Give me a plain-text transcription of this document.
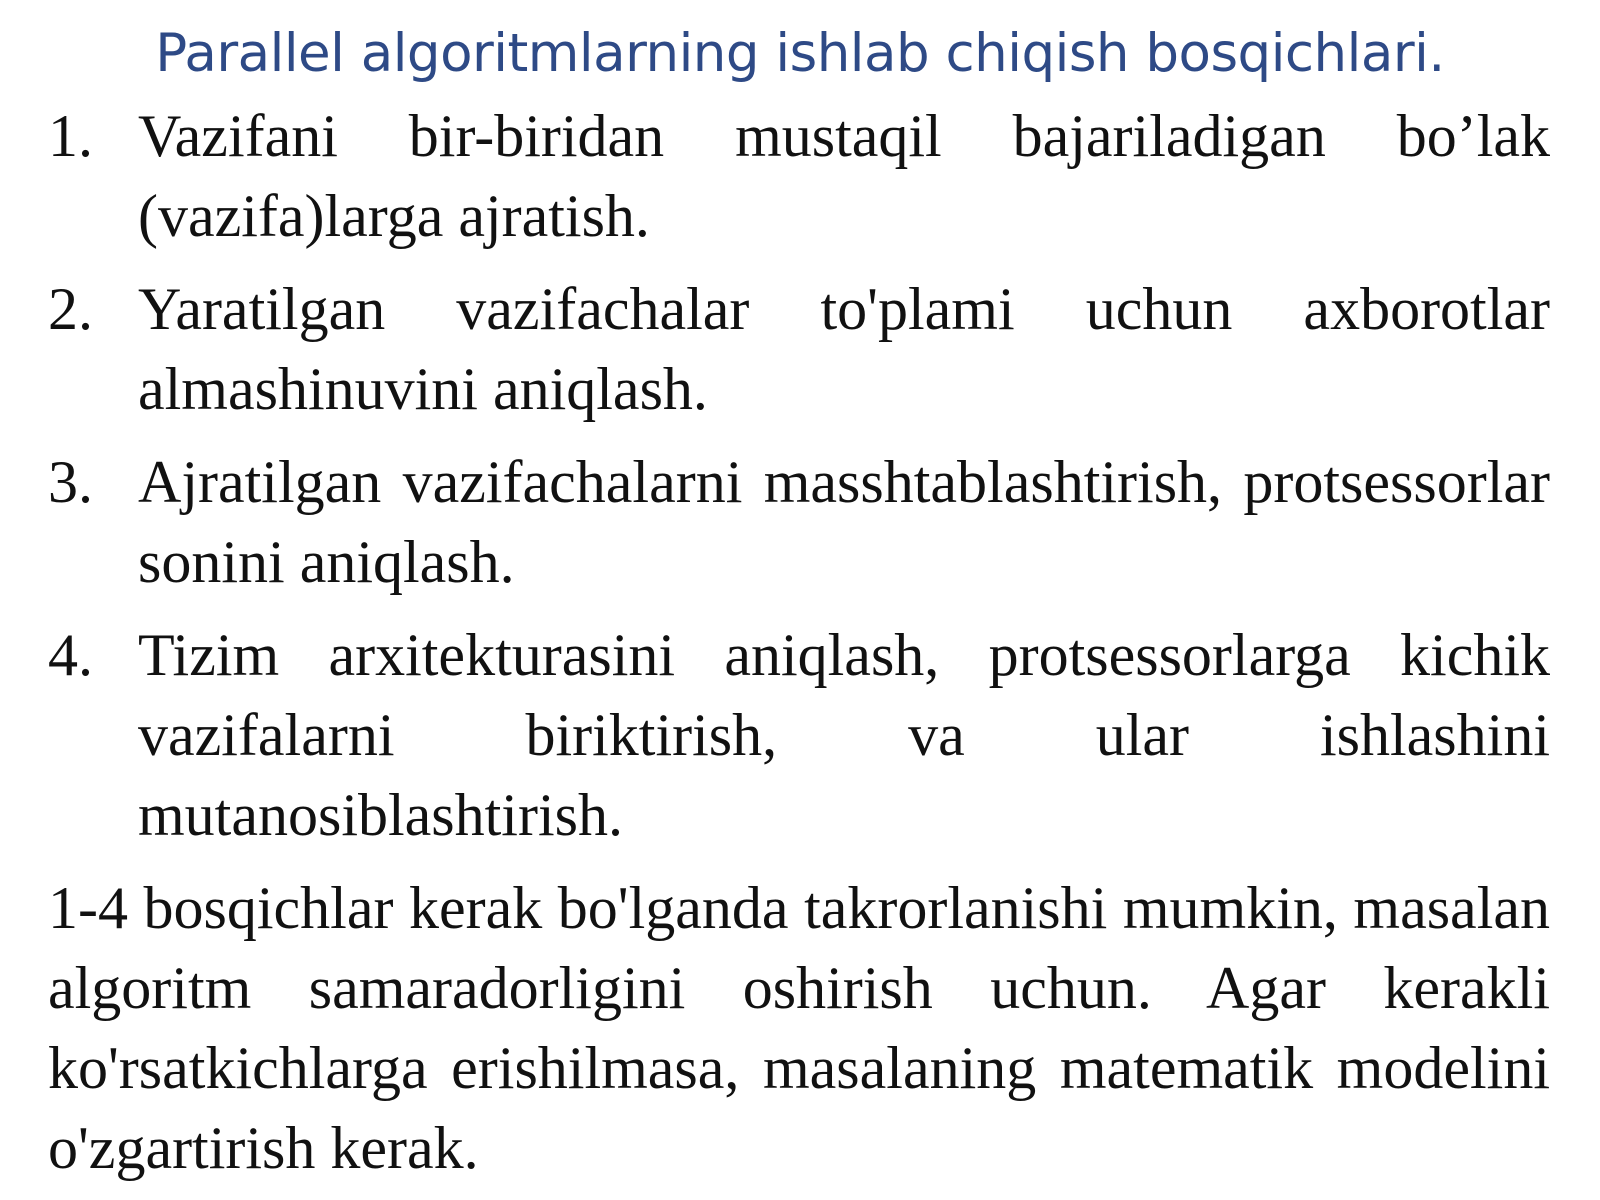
Parallel algoritmlarning ishlab chiqish bosqichlari.
1. Vazifani bir-biridan mustaqil bajariladigan bo’lak (vazifa)larga ajratish.
2. Yaratilgan vazifachalar to'plami uchun axborotlar almashinuvini aniqlash.
3. Ajratilgan vazifachalarni masshtablashtirish, protsessorlar sonini aniqlash.
4. Tizim arxitekturasini aniqlash, protsessorlarga kichik vazifalarni biriktirish, va ular ishlashini mutanosiblashtirish.
1-4 bosqichlar kerak bo'lganda takrorlanishi mumkin, masalan algoritm samaradorligini oshirish uchun. Agar kerakli ko'rsatkichlarga erishilmasa, masalaning matematik modelini o'zgartirish kerak.
